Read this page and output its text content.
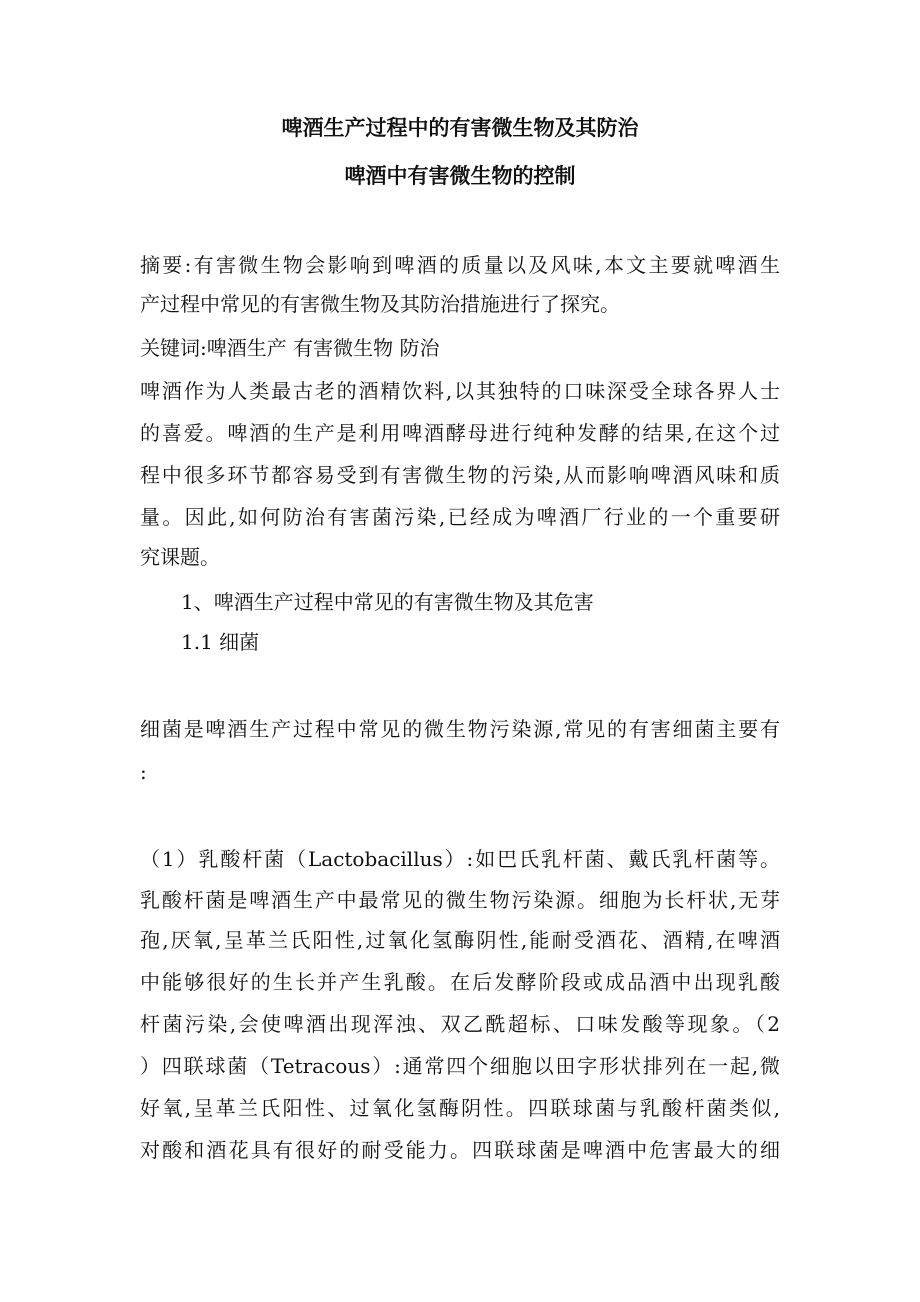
啤酒生产过程中的有害微生物及其防治
啤酒中有害微生物的控制
摘要:有害微生物会影响到啤酒的质量以及风味,本文主要就啤酒生
产过程中常见的有害微生物及其防治措施进行了探究。
关键词:啤酒生产 有害微生物 防治
啤酒作为人类最古老的酒精饮料,以其独特的口味深受全球各界人士
的喜爱。啤酒的生产是利用啤酒酵母进行纯种发酵的结果,在这个过
程中很多环节都容易受到有害微生物的污染,从而影响啤酒风味和质
量。因此,如何防治有害菌污染,已经成为啤酒厂行业的一个重要研
究课题。
1、啤酒生产过程中常见的有害微生物及其危害
1.1 细菌
细菌是啤酒生产过程中常见的微生物污染源,常见的有害细菌主要有
:
（1）乳酸杆菌（Lactobacillus）:如巴氏乳杆菌、戴氏乳杆菌等。
乳酸杆菌是啤酒生产中最常见的微生物污染源。细胞为长杆状,无芽
孢,厌氧,呈革兰氏阳性,过氧化氢酶阴性,能耐受酒花、酒精,在啤酒
中能够很好的生长并产生乳酸。在后发酵阶段或成品酒中出现乳酸
杆菌污染,会使啤酒出现浑浊、双乙酰超标、口味发酸等现象。（2
）四联球菌（Tetracous）:通常四个细胞以田字形状排列在一起,微
好氧,呈革兰氏阳性、过氧化氢酶阴性。四联球菌与乳酸杆菌类似,
对酸和酒花具有很好的耐受能力。四联球菌是啤酒中危害最大的细
